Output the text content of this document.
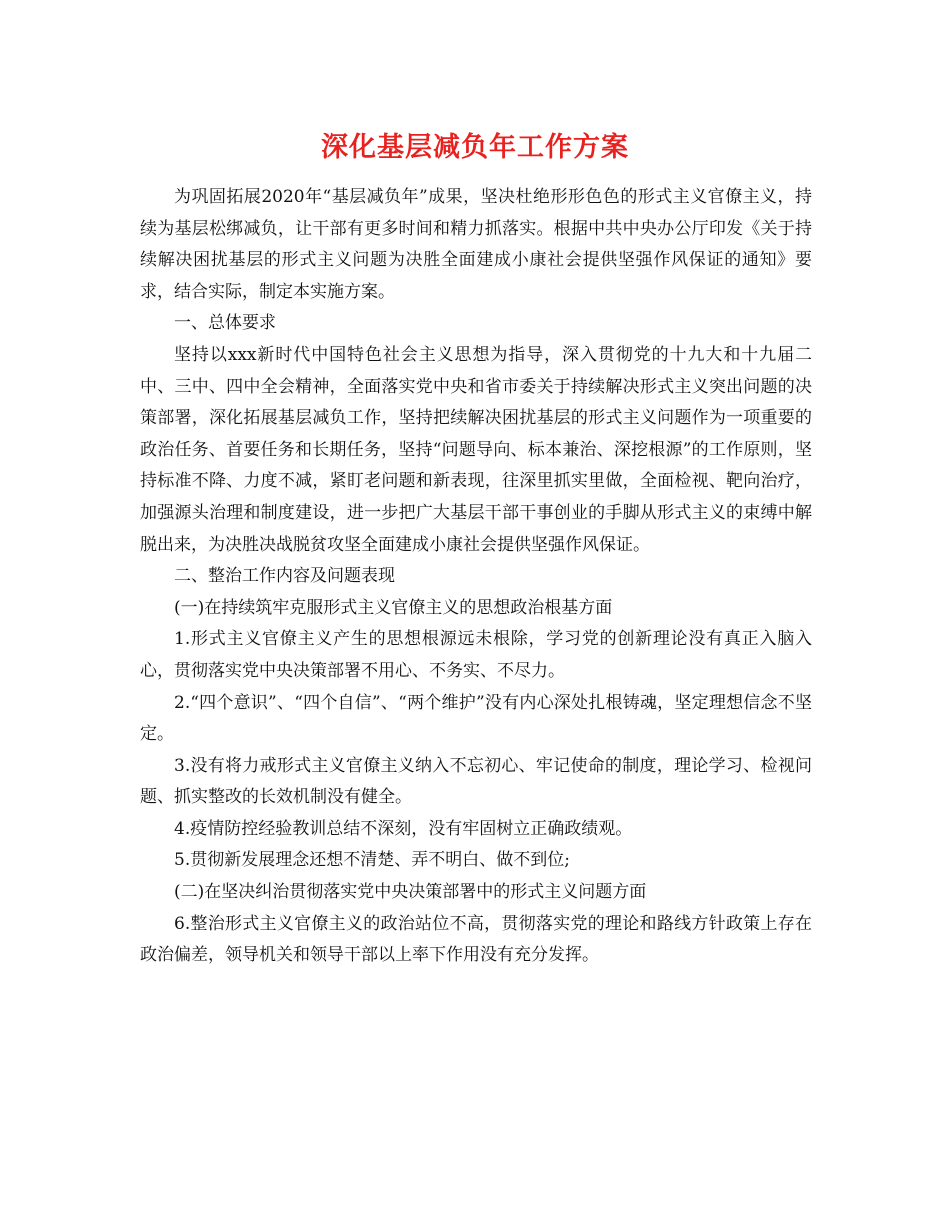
深化基层减负年工作方案

为巩固拓展2020年“基层减负年”成果，坚决杜绝形形色色的形式主义官僚主义，持续为基层松绑减负，让干部有更多时间和精力抓落实。根据中共中央办公厅印发《关于持续解决困扰基层的形式主义问题为决胜全面建成小康社会提供坚强作风保证的通知》要求，结合实际，制定本实施方案。

一、总体要求

坚持以xxx新时代中国特色社会主义思想为指导，深入贯彻党的十九大和十九届二中、三中、四中全会精神，全面落实党中央和省市委关于持续解决形式主义突出问题的决策部署，深化拓展基层减负工作，坚持把续解决困扰基层的形式主义问题作为一项重要的政治任务、首要任务和长期任务，坚持“问题导向、标本兼治、深挖根源”的工作原则，坚持标准不降、力度不减，紧盯老问题和新表现，往深里抓实里做，全面检视、靶向治疗，加强源头治理和制度建设，进一步把广大基层干部干事创业的手脚从形式主义的束缚中解脱出来，为决胜决战脱贫攻坚全面建成小康社会提供坚强作风保证。

二、整治工作内容及问题表现

(一)在持续筑牢克服形式主义官僚主义的思想政治根基方面

1.形式主义官僚主义产生的思想根源远未根除，学习党的创新理论没有真正入脑入心，贯彻落实党中央决策部署不用心、不务实、不尽力。

2.“四个意识”、“四个自信”、“两个维护”没有内心深处扎根铸魂，坚定理想信念不坚定。

3.没有将力戒形式主义官僚主义纳入不忘初心、牢记使命的制度，理论学习、检视问题、抓实整改的长效机制没有健全。

4.疫情防控经验教训总结不深刻，没有牢固树立正确政绩观。

5.贯彻新发展理念还想不清楚、弄不明白、做不到位;

(二)在坚决纠治贯彻落实党中央决策部署中的形式主义问题方面

6.整治形式主义官僚主义的政治站位不高，贯彻落实党的理论和路线方针政策上存在政治偏差，领导机关和领导干部以上率下作用没有充分发挥。
